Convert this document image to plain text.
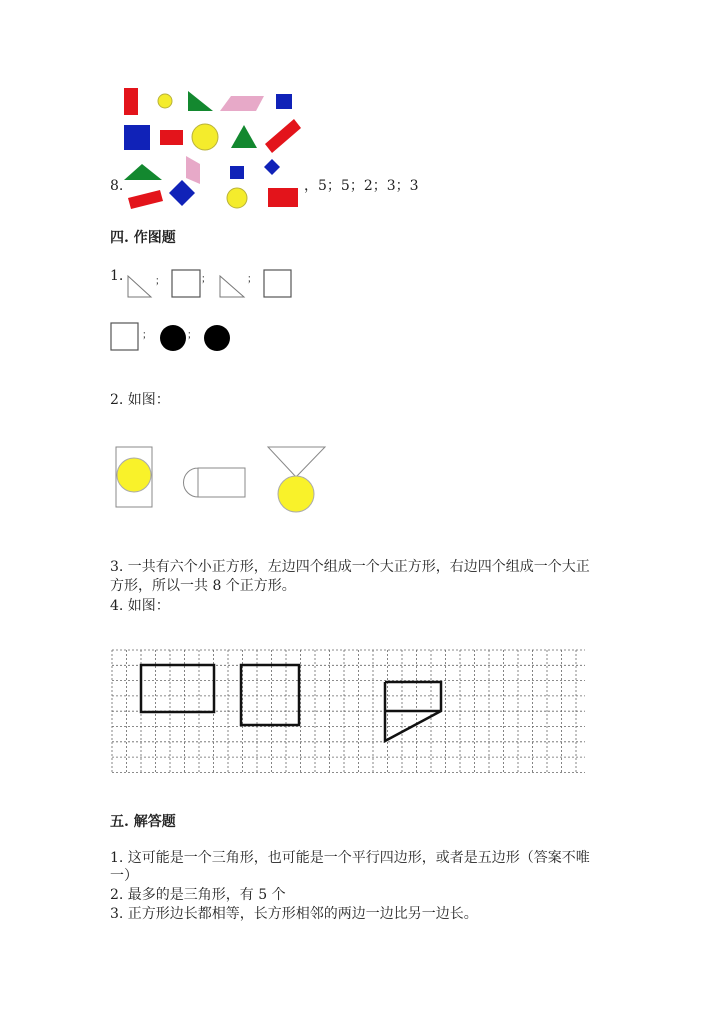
8.	，5；5；2；3；3
四. 作图题
1.	；	；	；
；	；
2. 如图：
3. 一共有六个小正方形，左边四个组成一个大正方形，右边四个组成一个大正
方形，所以一共 8 个正方形。
4. 如图：
五. 解答题
1. 这可能是一个三角形，也可能是一个平行四边形，或者是五边形（答案不唯
一）
2. 最多的是三角形，有 5 个
3. 正方形边长都相等，长方形相邻的两边一边比另一边长。
